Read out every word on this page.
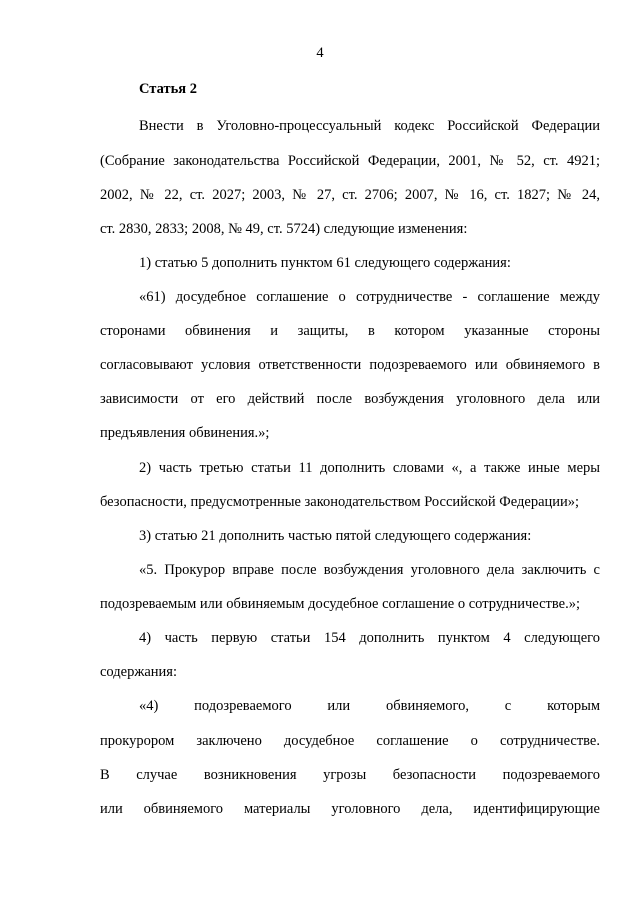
4
Статья 2
Внести в Уголовно-процессуальный кодекс Российской Федерации
(Собрание законодательства Российской Федерации, 2001, № 52, ст. 4921;
2002, № 22, ст. 2027; 2003, № 27, ст. 2706; 2007, № 16, ст. 1827; № 24,
ст. 2830, 2833; 2008, № 49, ст. 5724) следующие изменения:
1) статью 5 дополнить пунктом 61 следующего содержания:
«61) досудебное соглашение о сотрудничестве - соглашение между
сторонами обвинения и защиты, в котором указанные стороны
согласовывают условия ответственности подозреваемого или обвиняемого в
зависимости от его действий после возбуждения уголовного дела или
предъявления обвинения.»;
2) часть третью статьи 11 дополнить словами «, а также иные меры
безопасности, предусмотренные законодательством Российской Федерации»;
3) статью 21 дополнить частью пятой следующего содержания:
«5. Прокурор вправе после возбуждения уголовного дела заключить с
подозреваемым или обвиняемым досудебное соглашение о сотрудничестве.»;
4) часть первую статьи 154 дополнить пунктом 4 следующего
содержания:
«4) подозреваемого или обвиняемого, с которым
прокурором заключено досудебное соглашение о сотрудничестве.
В случае возникновения угрозы безопасности подозреваемого
или обвиняемого материалы уголовного дела, идентифицирующие
